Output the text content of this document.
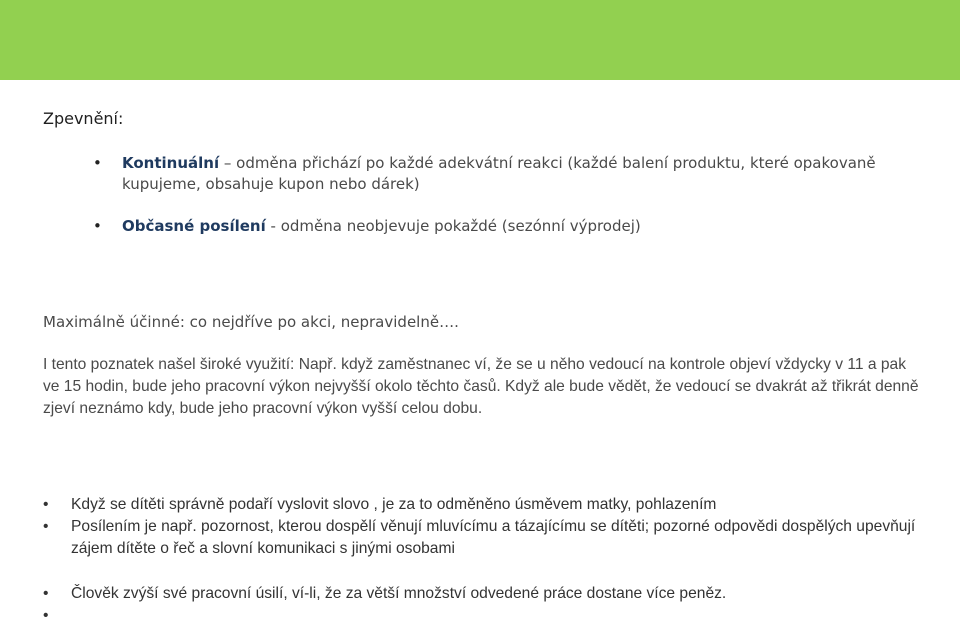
Zpevnění:
• Kontinuální – odměna přichází po každé adekvátní reakci (každé balení produktu, které opakovaně kupujeme, obsahuje kupon nebo dárek)
• Občasné posílení - odměna neobjevuje pokaždé (sezónní výprodej)
Maximálně účinné: co nejdříve po akci, nepravidelně….
I tento poznatek našel široké využití: Např. když zaměstnanec ví, že se u něho vedoucí na kontrole objeví vždycky v 11 a pak ve 15 hodin, bude jeho pracovní výkon nejvyšší okolo těchto časů. Když ale bude vědět, že vedoucí se dvakrát až třikrát denně zjeví neznámo kdy, bude jeho pracovní výkon vyšší celou dobu.
• Když se dítěti správně podaří vyslovit slovo , je za to odměněno úsměvem matky, pohlazením
• Posílením je např. pozornost, kterou dospělí věnují mluvícímu a tázajícímu se dítěti; pozorné odpovědi dospělých upevňují zájem dítěte o řeč a slovní komunikaci s jinými osobami
• Člověk zvýší své pracovní úsilí, ví-li, že za větší množství odvedené práce dostane více peněz.
•
